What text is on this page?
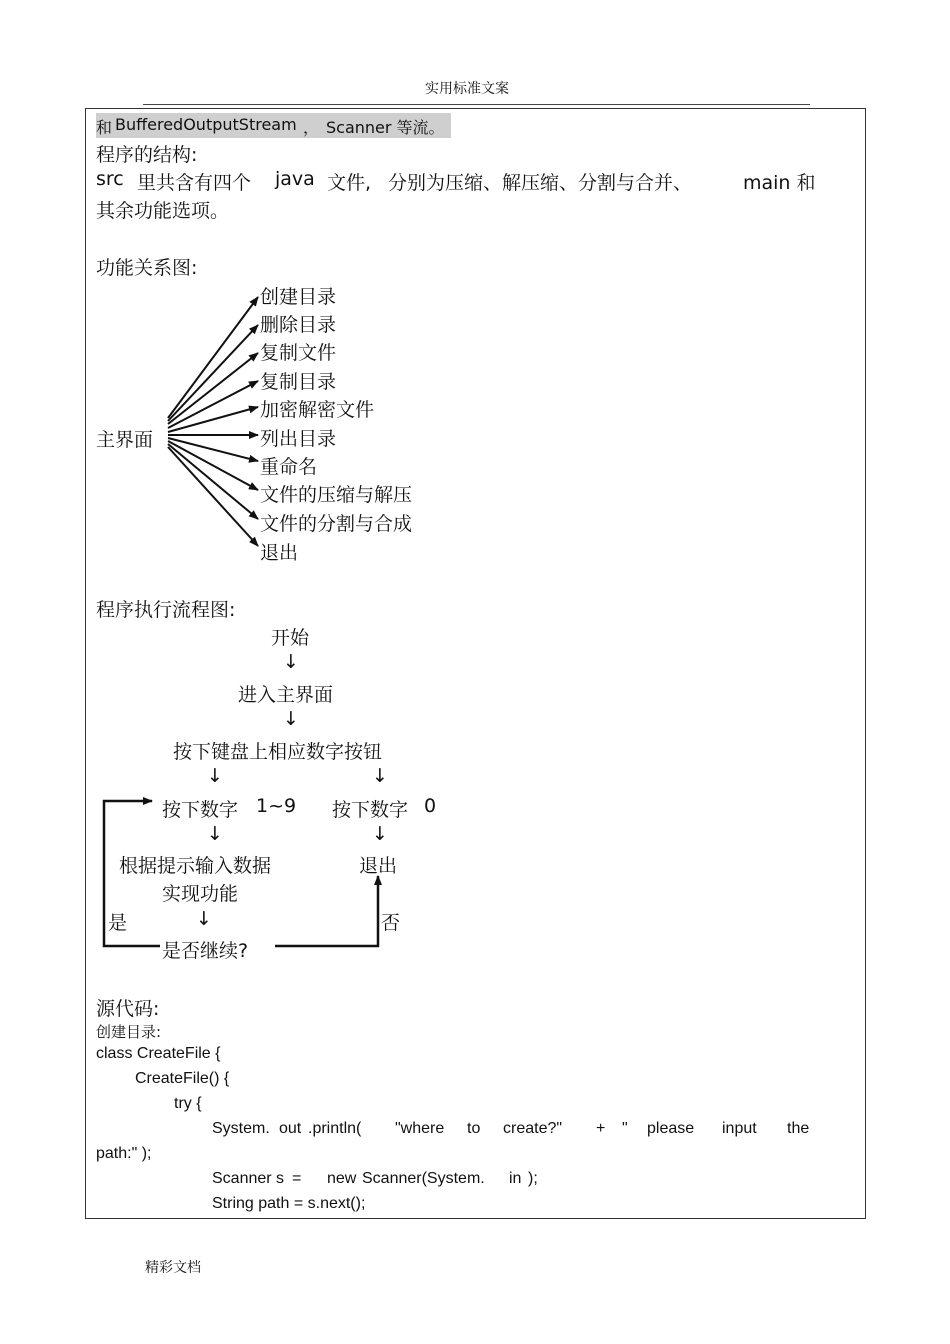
实用标准文案
精彩文档
和 BufferedOutputStream ， Scanner 等流。
程序的结构:
src 里共含有四个 java 文件, 分别为压缩、解压缩、分割与合并、	main 和
其余功能选项。
功能关系图:
主界面
创建目录
删除目录
复制文件
复制目录
加密解密文件
列出目录
重命名
文件的压缩与解压
文件的分割与合成
退出
程序执行流程图:
开始
↓
进入主界面
↓
按下键盘上相应数字按钮
↓	↓
按下数字 1~9 按下数字 0
↓	↓
根据提示输入数据	退出
实现功能
是	↓	否
是否继续?
源代码:
创建目录:
class CreateFile {
CreateFile() {
try {
System. out .println( "where to create?" + " please input the
path:" );
Scanner s = new Scanner(System. in );
String path = s.next();
